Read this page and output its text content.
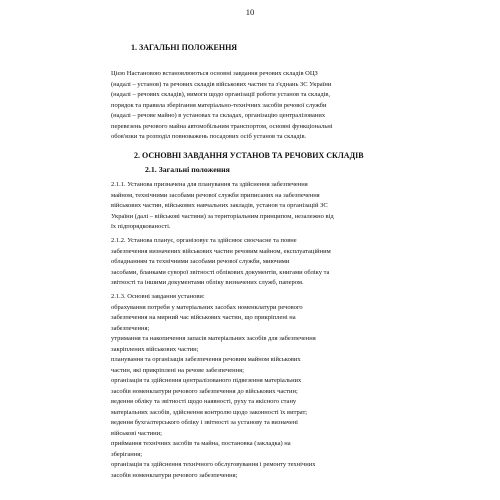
10
1. ЗАГАЛЬНІ ПОЛОЖЕННЯ
Цією Настановою встановлюються основні завдання речових складів ОЦЗ
(надалі – установ) та речових складів військових частин та з'єднань ЗС України
(надалі – речових складів), вимоги щодо організації роботи установ та складів,
порядок та правила зберігання матеріально-технічних засобів речової служби
(надалі – речове майно) в установах та складах, організацію централізованих
перевезень речового майна автомобільним транспортом, основні функціональні
обов'язки та розподіл повноважень посадових осіб установ та складів.
2. ОСНОВНІ ЗАВДАННЯ УСТАНОВ ТА РЕЧОВИХ СКЛАДІВ
2.1. Загальні положення
2.1.1. Установа призначена для планування та здійснення забезпечення
майном, технічними засобами речової служби приписаних на забезпечення
військових частин, військових навчальних закладів, установ та організацій ЗС
України (далі – військові частини) за територіальним принципом, незалежно від
їх підпорядкованості.
2.1.2. Установа планує, організовує та здійснює своєчасне та повне
забезпечення визначених військових частин речовим майном, експлуатаційним
обладнанням та технічними засобами речової служби, миючими
засобами, бланками суворої звітності облікових документів, книгами обліку та
звітності та іншими документами обліку визначених служб, папером.
2.1.3. Основні завдання установи:
обрахування потреби у матеріальних засобах номенклатури речового
забезпечення на мирний час військових частин, що прикріплені на
забезпечення;
утримання та накопичення запасів матеріальних засобів для забезпечення
закріплених військових частин;
планування та організація забезпечення речовим майном військових
частин, які прикріплені на речове забезпечення;
організація та здійснення централізованого підвезення матеріальних
засобів номенклатури речового забезпечення до військових частин;
ведення обліку та звітності щодо наявності, руху та якісного стану
матеріальних засобів, здійснення контролю щодо законності їх витрат;
ведення бухгалтерського обліку і звітності за установу та визначені
військові частини;
приймання технічних засобів та майна, постановка (закладка) на
зберігання;
організація та здійснення технічного обслуговування і ремонту технічних
засобів номенклатури речового забезпечення;
